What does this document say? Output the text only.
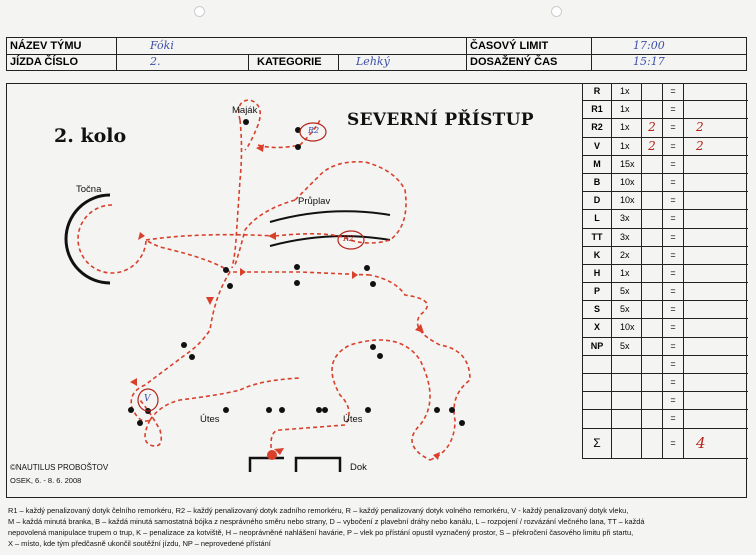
NÁZEV TÝMU	Fóki	ČASOVÝ LIMIT	17:00
JÍZDA ČÍSLO	2.	KATEGORIE	Lehký	DOSAŽENÝ ČAS	15:17
R2
V
R2
2. kolo
SEVERNÍ PŘÍSTUP
Maják
Točna
Průplav
Útes	Útes
Dok
©NAUTILUS PROBOŠTOV
OSEK, 6. - 8. 6. 2008
R	1x	=
R1	1x	=
R2	1x	2	=	2
V	1x	2	=	2
M	15x	=
B	10x	=
D	10x	=
L	3x	=
TT	3x	=
K	2x	=
H	1x	=
P	5x	=
S	5x	=
X	10x	=
NP	5x	=
=
=
=
=
Σ	=	4
R1 – každý penalizovaný dotyk čelního remorkéru, R2 – každý penalizovaný dotyk zadního remorkéru, R – každý penalizovaný dotyk volného remorkéru, V - každý penalizovaný dotyk vleku,
M – každá minutá branka, B – každá minutá samostatná bójka z nesprávného směru nebo strany, D – vybočení z plavební dráhy nebo kanálu, L – rozpojení / rozvázání vlečného lana, TT – každá
nepovolená manipulace trupem o trup, K – penalizace za kotviště, H – neoprávněné nahlášení havárie, P – vlek po přístání opustil vyznačený prostor, S – překročení časového limitu při startu,
X – místo, kde tým předčasně ukončil soutěžní jízdu, NP – neprovedené přístání
